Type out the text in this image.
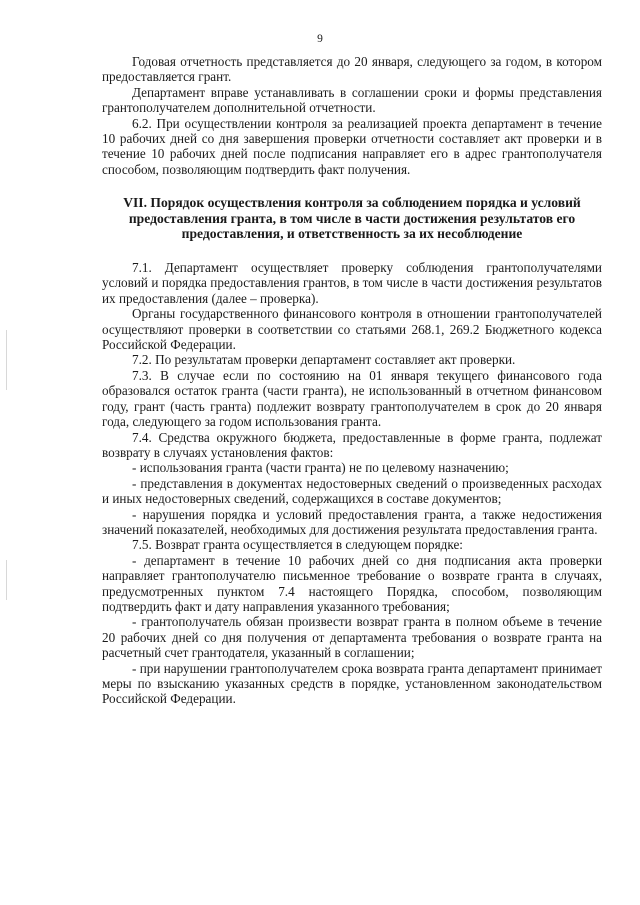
9

Годовая отчетность представляется до 20 января, следующего за годом, в котором предоставляется грант.

Департамент вправе устанавливать в соглашении сроки и формы представления грантополучателем дополнительной отчетности.

6.2. При осуществлении контроля за реализацией проекта департамент в течение 10 рабочих дней со дня завершения проверки отчетности составляет акт проверки и в течение 10 рабочих дней после подписания направляет его в адрес грантополучателя способом, позволяющим подтвердить факт получения.

VII. Порядок осуществления контроля за соблюдением порядка и условий предоставления гранта, в том числе в части достижения результатов его предоставления, и ответственность за их несоблюдение

7.1. Департамент осуществляет проверку соблюдения грантополучателями условий и порядка предоставления грантов, в том числе в части достижения результатов их предоставления (далее – проверка).

Органы государственного финансового контроля в отношении грантополучателей осуществляют проверки в соответствии со статьями 268.1, 269.2 Бюджетного кодекса Российской Федерации.

7.2. По результатам проверки департамент составляет акт проверки.

7.3. В случае если по состоянию на 01 января текущего финансового года образовался остаток гранта (части гранта), не использованный в отчетном финансовом году, грант (часть гранта) подлежит возврату грантополучателем в срок до 20 января года, следующего за годом использования гранта.

7.4. Средства окружного бюджета, предоставленные в форме гранта, подлежат возврату в случаях установления фактов:

- использования гранта (части гранта) не по целевому назначению;

- представления в документах недостоверных сведений о произведенных расходах и иных недостоверных сведений, содержащихся в составе документов;

- нарушения порядка и условий предоставления гранта, а также недостижения значений показателей, необходимых для достижения результата предоставления гранта.

7.5. Возврат гранта осуществляется в следующем порядке:

- департамент в течение 10 рабочих дней со дня подписания акта проверки направляет грантополучателю письменное требование о возврате гранта в случаях, предусмотренных пунктом 7.4 настоящего Порядка, способом, позволяющим подтвердить факт и дату направления указанного требования;

- грантополучатель обязан произвести возврат гранта в полном объеме в течение 20 рабочих дней со дня получения от департамента требования о возврате гранта на расчетный счет грантодателя, указанный в соглашении;

- при нарушении грантополучателем срока возврата гранта департамент принимает меры по взысканию указанных средств в порядке, установленном законодательством Российской Федерации.
